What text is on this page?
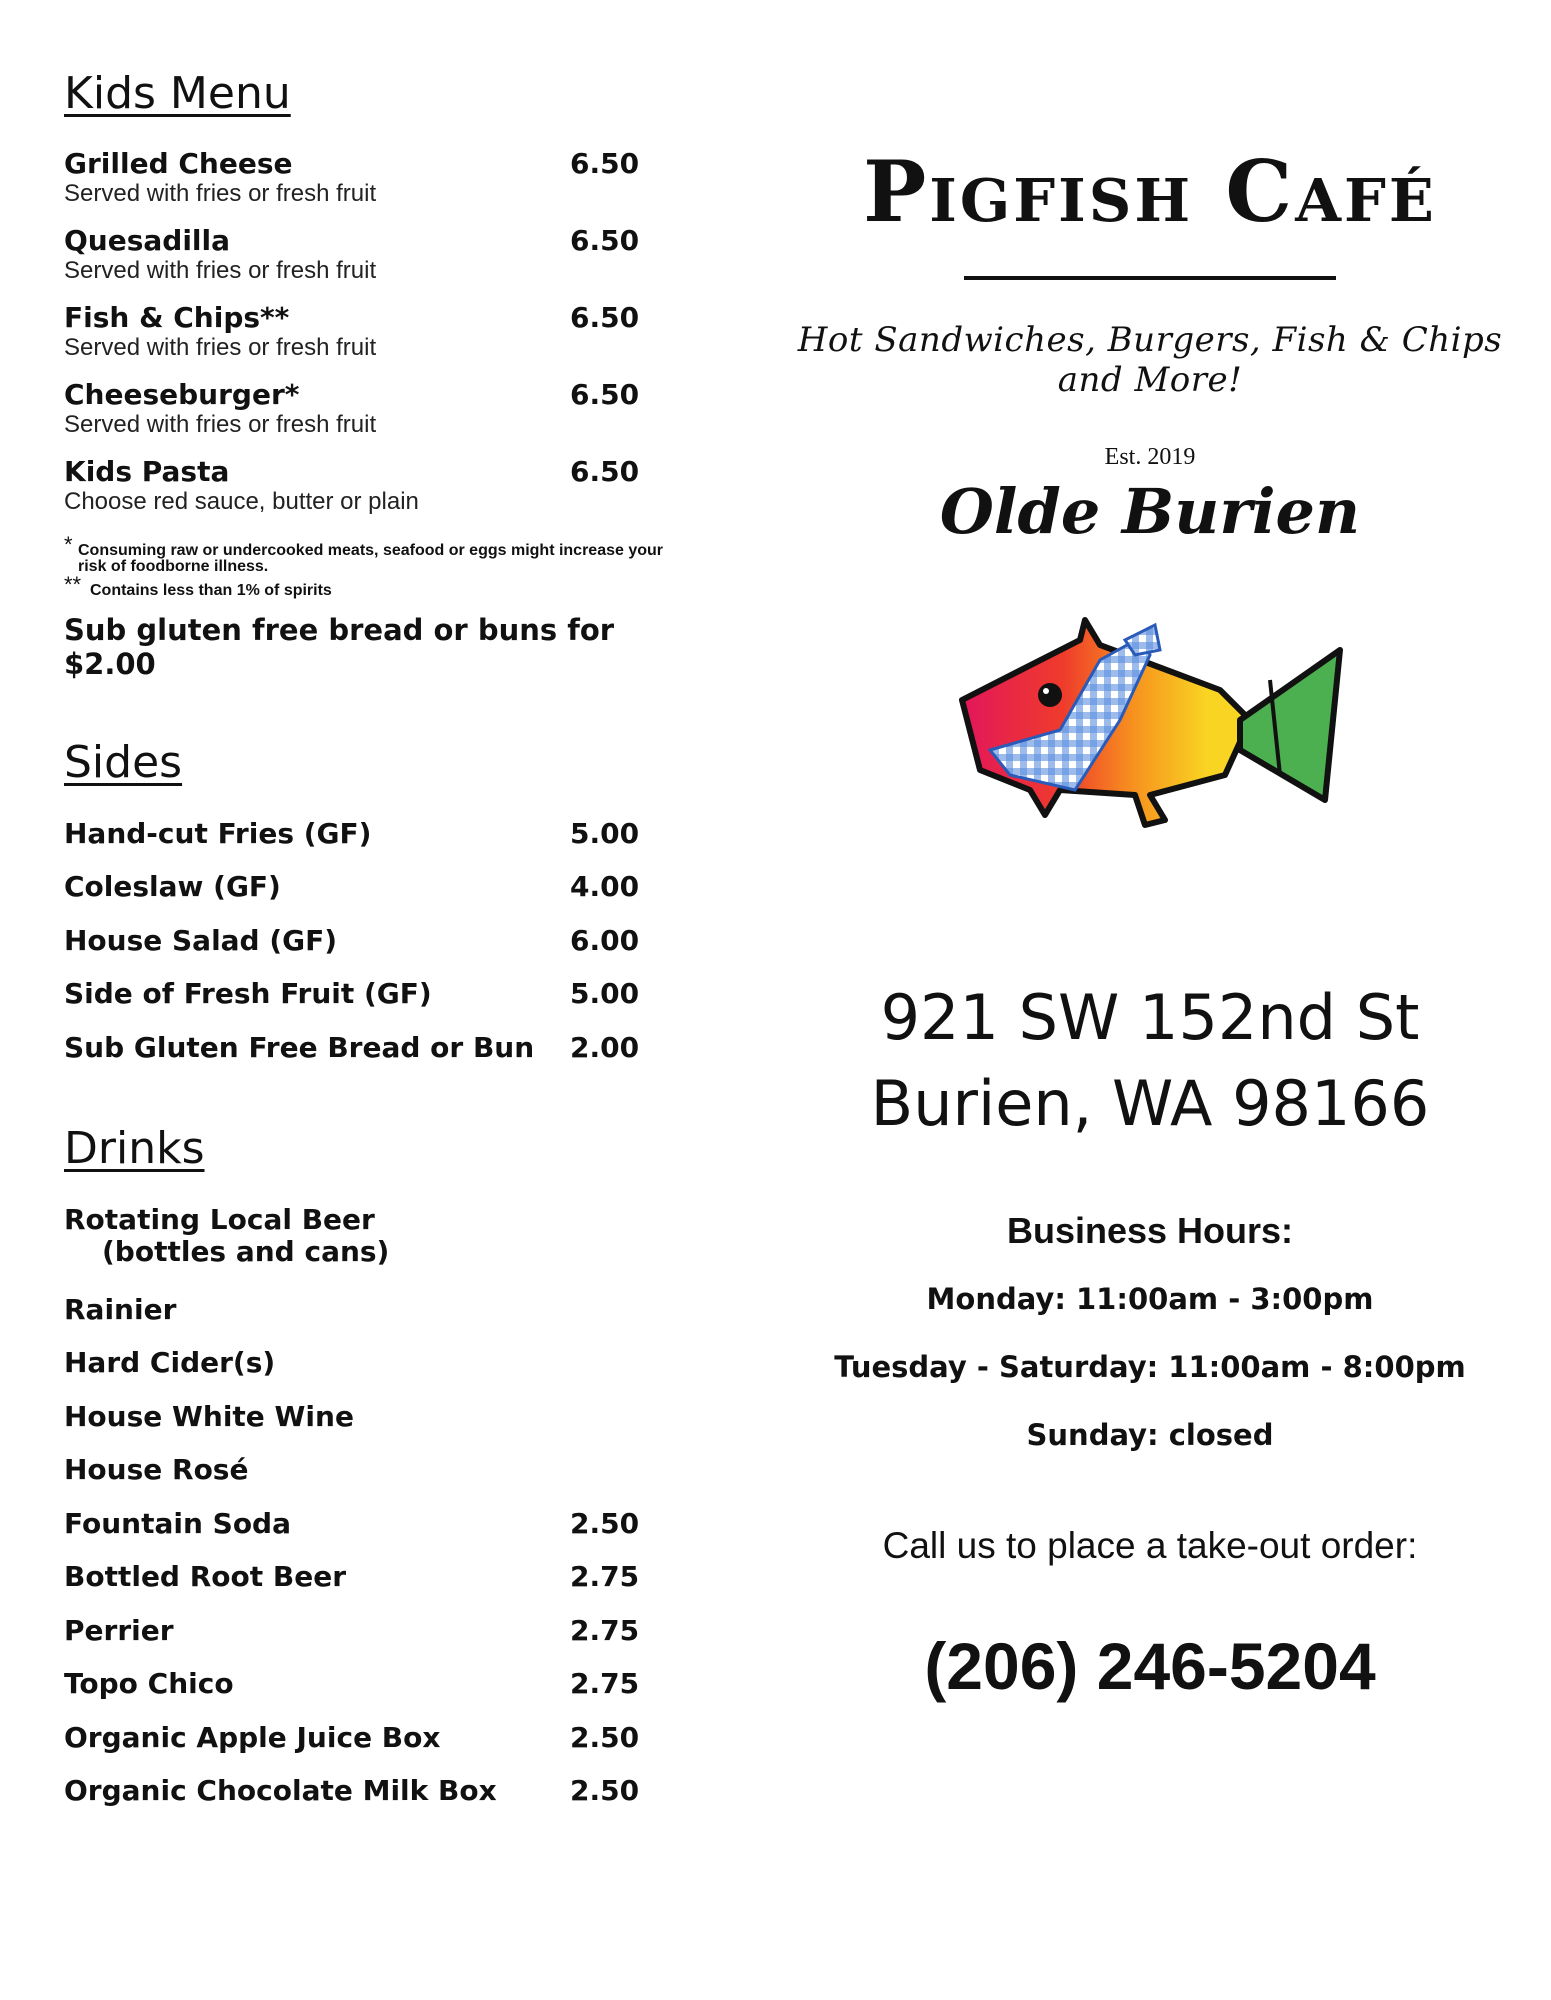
Kids Menu
Grilled Cheese
Served with fries or fresh fruit
6.50
Quesadilla
Served with fries or fresh fruit
6.50
Fish & Chips**
Served with fries or fresh fruit
6.50
Cheeseburger*
Served with fries or fresh fruit
6.50
Kids Pasta
Choose red sauce, butter or plain
6.50
* Consuming raw or undercooked meats, seafood or eggs might increase your risk of foodborne illness.
** Contains less than 1% of spirits
Sub gluten free bread or buns for $2.00
Sides
Hand-cut Fries (GF)	5.00
Coleslaw (GF)	4.00
House Salad (GF)	6.00
Side of Fresh Fruit (GF)	5.00
Sub Gluten Free Bread or Bun 2.00
Drinks
Rotating Local Beer
(bottles and cans)
Rainier
Hard Cider(s)
House White Wine
House Rosé
Fountain Soda	2.50
Bottled Root Beer	2.75
Perrier	2.75
Topo Chico	2.75
Organic Apple Juice Box	2.50
Organic Chocolate Milk Box	2.50
Pigfish Café
Hot Sandwiches, Burgers, Fish & Chips and More!
Est. 2019
Olde Burien
921 SW 152nd St
Burien, WA 98166
Business Hours:
Monday: 11:00am - 3:00pm
Tuesday - Saturday: 11:00am - 8:00pm
Sunday: closed
Call us to place a take-out order:
(206) 246-5204
